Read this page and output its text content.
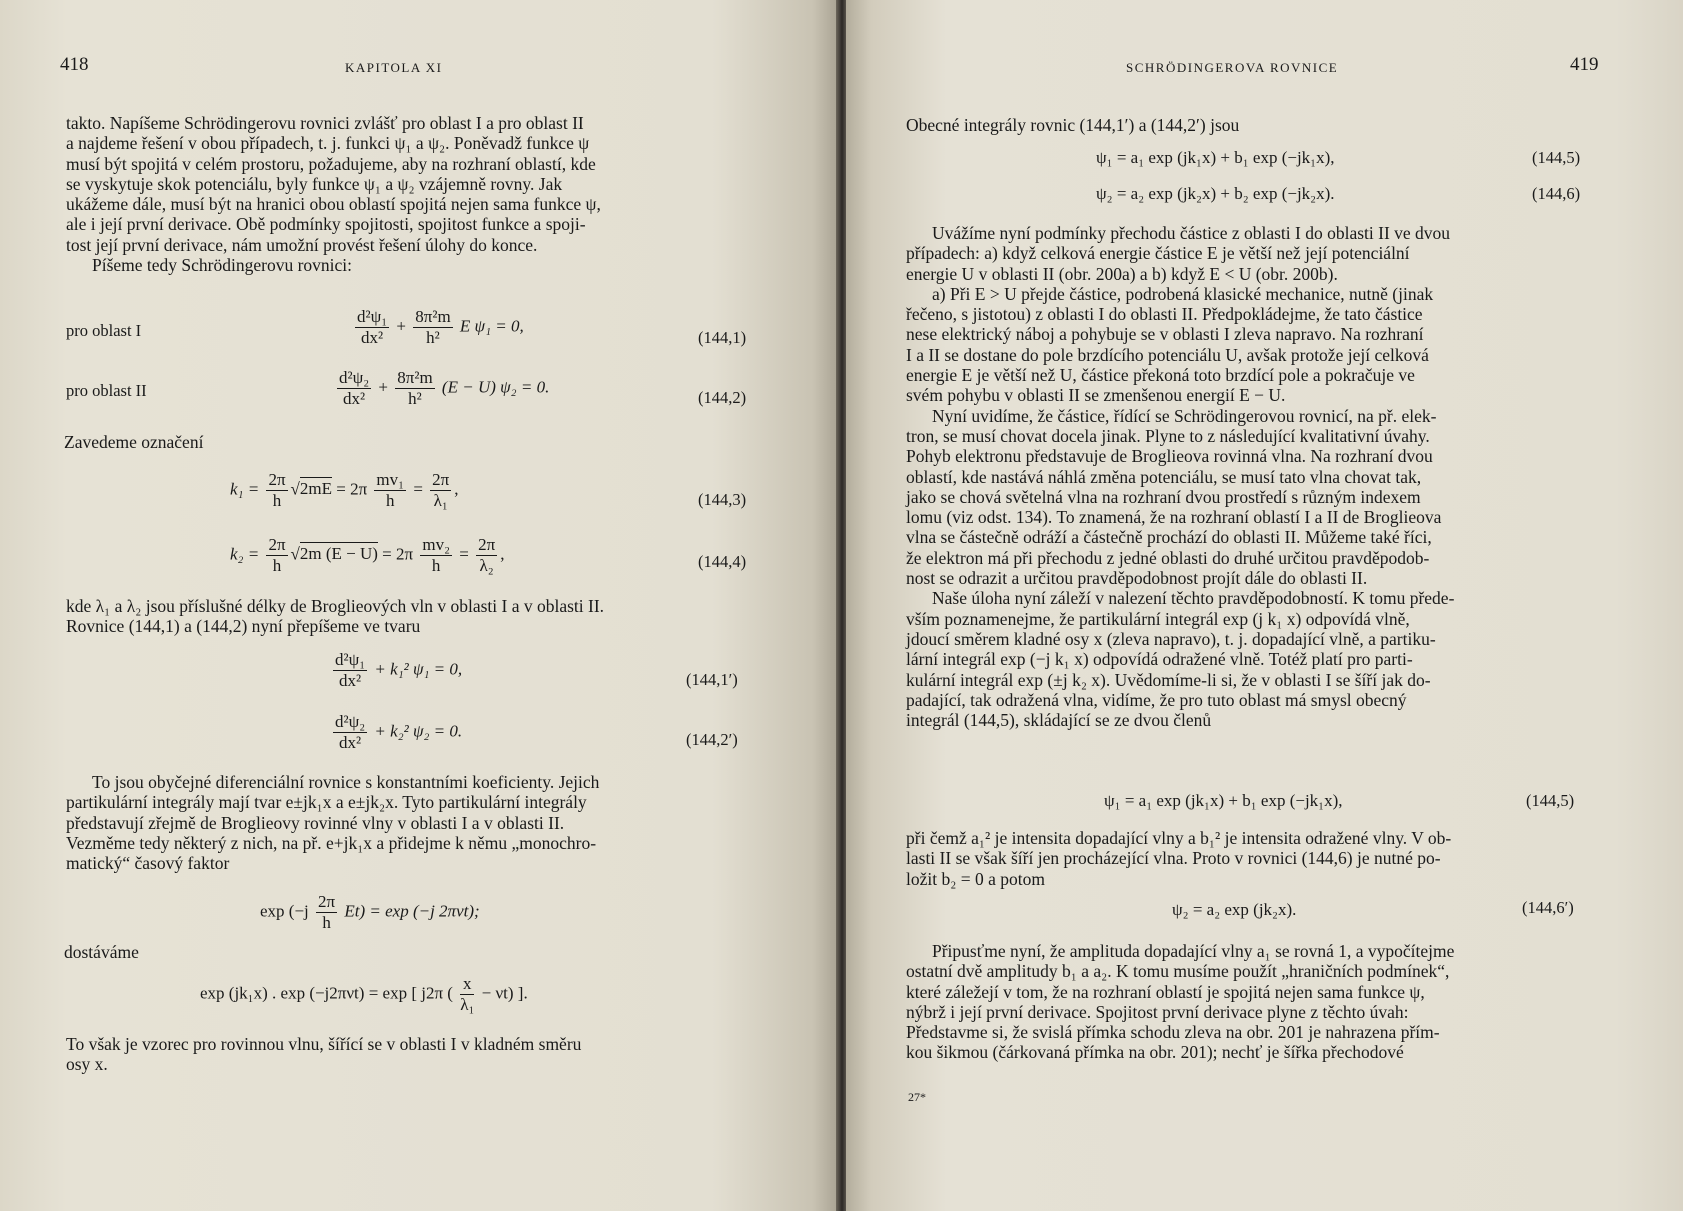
418	KAPITOLA XI
takto. Napíšeme Schrödingerovu rovnici zvlášť pro oblast I a pro oblast II
a najdeme řešení v obou případech, t. j. funkci ψ₁ a ψ₂. Poněvadž funkce ψ
musí být spojitá v celém prostoru, požadujeme, aby na rozhraní oblastí, kde
se vyskytuje skok potenciálu, byly funkce ψ₁ a ψ₂ vzájemně rovny. Jak
ukážeme dále, musí být na hranici obou oblastí spojitá nejen sama funkce ψ,
ale i její první derivace. Obě podmínky spojitosti, spojitost funkce a spoji-
tost její první derivace, nám umožní provést řešení úlohy do konce.
Píšeme tedy Schrödingerovu rovnici:
pro oblast I	$\frac{\text{d²ψ₁}}{\text{dx²}} + \frac{\text{8π²m}}{\text{h²}}$ E ψ₁ = 0,
(144,1)
pro oblast II	$\frac{\text{d²ψ₂}}{\text{dx²}} + \frac{\text{8π²m}}{\text{h²}} (E - U) \psi_2 = 0$.
(144,2)
Zavedeme označení
$k_1 = \frac{2\pi}{h} √2mE = 2\pi \frac{\text{mv₁}}{h} = \frac{2\pi}{\text{λ₁}}$ ,
(144,3)
$k_2 = \frac{2\pi}{h} √2m$ $(E - U) = 2\pi \frac{\text{mv₂}}{h} = \frac{2\pi}{\text{λ₂}}$ ,	(144,4)
kde λ₁ a λ₂ jsou příslušné délky de Broglieových vln v oblasti I a v oblasti II.
Rovnice (144,1) a (144,2) nyní přepíšeme ve tvaru
$\frac{\text{d²ψ₁}}{\text{dx²}} + k_1^2$ ψ₁ = 0,
(144,1′)
$\frac{\text{d²ψ₂}}{\text{dx²}} + k_2^2$ ψ₂ = 0.	(144,2′)
To jsou obyčejné diferenciální rovnice s konstantními koeficienty. Jejich
partikulární integrály mají tvar e±jk₁x a e±jk₂x. Tyto partikulární integrály
představují zřejmě de Broglieovy rovinné vlny v oblasti I a v oblasti II.
Vezměme tedy některý z nich, na př. e+jk₁x a přidejme k němu „monochro-
matický“ časový faktor
$\exp (-j \frac{2\pi}{h} Et) = \exp (-j$ 2πνt);
dostáváme
exp (jk₁x) . exp (−j2πνt) = exp [ j2π ( $\frac{x}{\text{λ₁}} - \nu t$) ].
To však je vzorec pro rovinnou vlnu, šířící se v oblasti I v kladném směru
osy x.
SCHRÖDINGEROVA ROVNICE	419
Obecné integrály rovnic (144,1′) a (144,2′) jsou
ψ₁ = a₁ exp (jk₁x) + b₁ exp (−jk₁x),	(144,5)
ψ₂ = a₂ exp (jk₂x) + b₂ exp (−jk₂x).	(144,6)
Uvážíme nyní podmínky přechodu částice z oblasti I do oblasti II ve dvou
případech: a) když celková energie částice E je větší než její potenciální
energie U v oblasti II (obr. 200a) a b) když E < U (obr. 200b).
a) Při E > U přejde částice, podrobená klasické mechanice, nutně (jinak
řečeno, s jistotou) z oblasti I do oblasti II. Předpokládejme, že tato částice
nese elektrický náboj a pohybuje se v oblasti I zleva napravo. Na rozhraní
I a II se dostane do pole brzdícího potenciálu U, avšak protože její celková
energie E je větší než U, částice překoná toto brzdící pole a pokračuje ve
svém pohybu v oblasti II se zmenšenou energií E − U.
Nyní uvidíme, že částice, řídící se Schrödingerovou rovnicí, na př. elek-
tron, se musí chovat docela jinak. Plyne to z následující kvalitativní úvahy.
Pohyb elektronu představuje de Broglieova rovinná vlna. Na rozhraní dvou
oblastí, kde nastává náhlá změna potenciálu, se musí tato vlna chovat tak,
jako se chová světelná vlna na rozhraní dvou prostředí s různým indexem
lomu (viz odst. 134). To znamená, že na rozhraní oblastí I a II de Broglieova
vlna se částečně odráží a částečně prochází do oblasti II. Můžeme také říci,
že elektron má při přechodu z jedné oblasti do druhé určitou pravděpodob-
nost se odrazit a určitou pravděpodobnost projít dále do oblasti II.
Naše úloha nyní záleží v nalezení těchto pravděpodobností. K tomu přede-
vším poznamenejme, že partikulární integrál exp (j k₁ x) odpovídá vlně,
jdoucí směrem kladné osy x (zleva napravo), t. j. dopadající vlně, a partiku-
lární integrál exp (−j k₁ x) odpovídá odražené vlně. Totéž platí pro parti-
kulární integrál exp (±j k₂ x). Uvědomíme-li si, že v oblasti I se šíří jak do-
padající, tak odražená vlna, vidíme, že pro tuto oblast má smysl obecný
integrál (144,5), skládající se ze dvou členů
ψ₁ = a₁ exp (jk₁x) + b₁ exp (−jk₁x),	(144,5)
při čemž a₁² je intensita dopadající vlny a b₁² je intensita odražené vlny. V ob-
lasti II se však šíří jen procházející vlna. Proto v rovnici (144,6) je nutné po-
ložit b₂ = 0 a potom
ψ₂ = a₂ exp (jk₂x).	(144,6′)
Připusťme nyní, že amplituda dopadající vlny a₁ se rovná 1, a vypočítejme
ostatní dvě amplitudy b₁ a a₂. K tomu musíme použít „hraničních podmínek“,
které záležejí v tom, že na rozhraní oblastí je spojitá nejen sama funkce ψ,
nýbrž i její první derivace. Spojitost první derivace plyne z těchto úvah:
Představme si, že svislá přímka schodu zleva na obr. 201 je nahrazena přím-
kou šikmou (čárkovaná přímka na obr. 201); nechť je šířka přechodové
27*
